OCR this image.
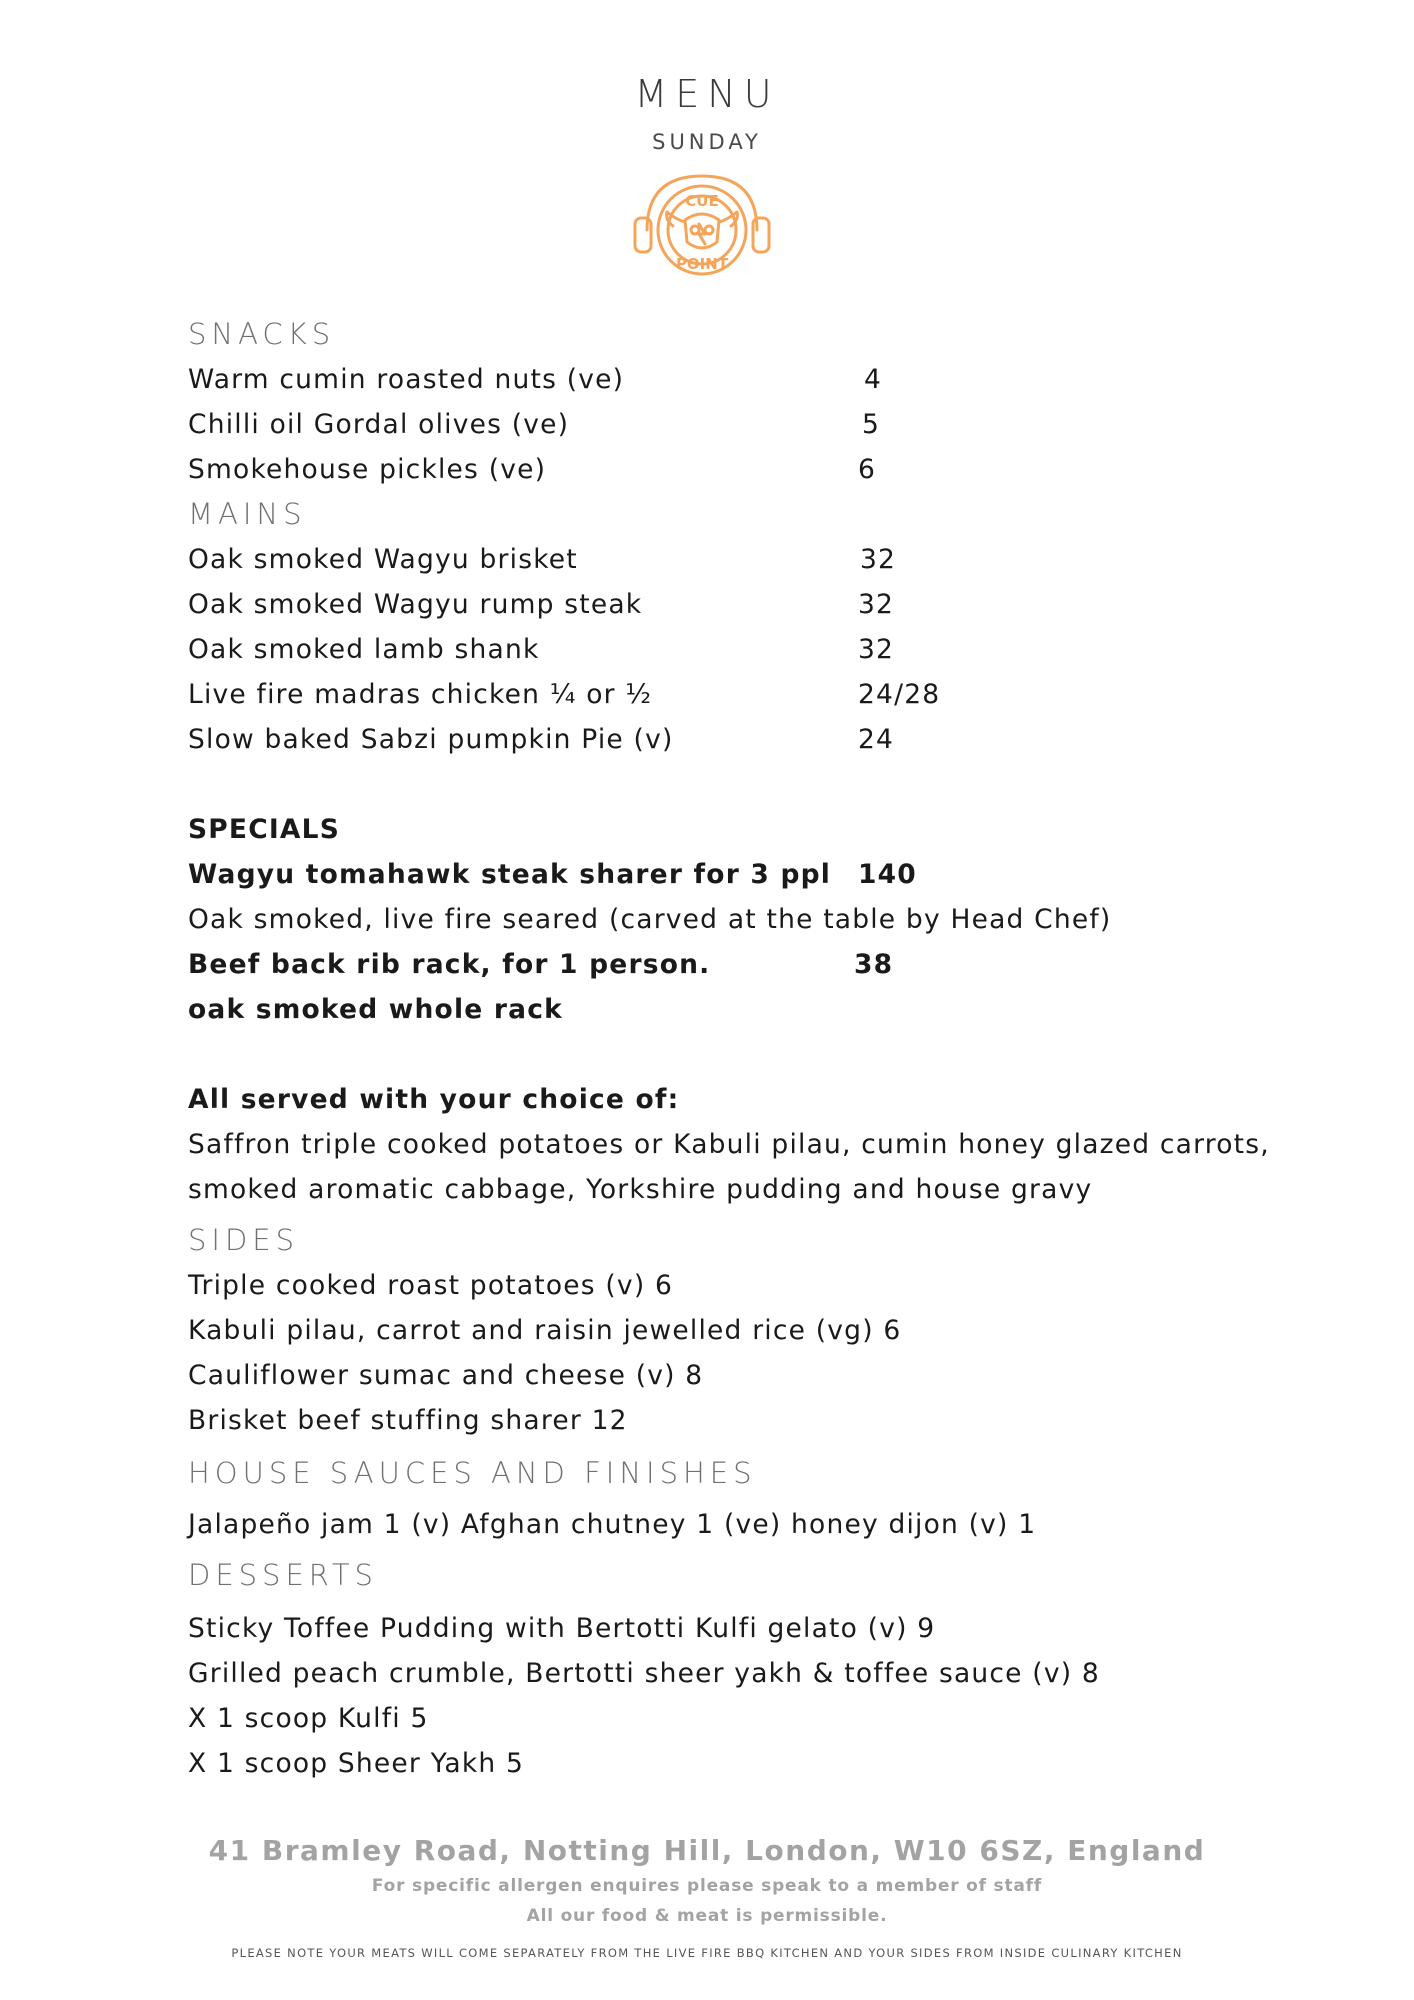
MENU
SUNDAY
CUE
POINT
SNACKS
Warm cumin roasted nuts (ve)	4
Chilli oil Gordal olives (ve)	5
Smokehouse pickles (ve)	6
MAINS
Oak smoked Wagyu brisket	32
Oak smoked Wagyu rump steak	32
Oak smoked lamb shank	32
Live fire madras chicken ¼ or ½	24/28
Slow baked Sabzi pumpkin Pie (v)	24
SPECIALS
Wagyu tomahawk steak sharer for 3 ppl 140
Oak smoked, live fire seared (carved at the table by Head Chef)
Beef back rib rack, for 1 person.	38
oak smoked whole rack
All served with your choice of:
Saffron triple cooked potatoes or Kabuli pilau, cumin honey glazed carrots,
smoked aromatic cabbage, Yorkshire pudding and house gravy
SIDES
Triple cooked roast potatoes (v) 6
Kabuli pilau, carrot and raisin jewelled rice (vg) 6
Cauliflower sumac and cheese (v) 8
Brisket beef stuffing sharer 12
HOUSE SAUCES AND FINISHES
Jalapeño jam 1 (v) Afghan chutney 1 (ve) honey dijon (v) 1
DESSERTS
Sticky Toffee Pudding with Bertotti Kulfi gelato (v) 9
Grilled peach crumble, Bertotti sheer yakh & toffee sauce (v) 8
X 1 scoop Kulfi 5
X 1 scoop Sheer Yakh 5
41 Bramley Road, Notting Hill, London, W10 6SZ, England
For specific allergen enquires please speak to a member of staff
All our food & meat is permissible.
PLEASE NOTE YOUR MEATS WILL COME SEPARATELY FROM THE LIVE FIRE BBQ KITCHEN AND YOUR SIDES FROM INSIDE CULINARY KITCHEN
